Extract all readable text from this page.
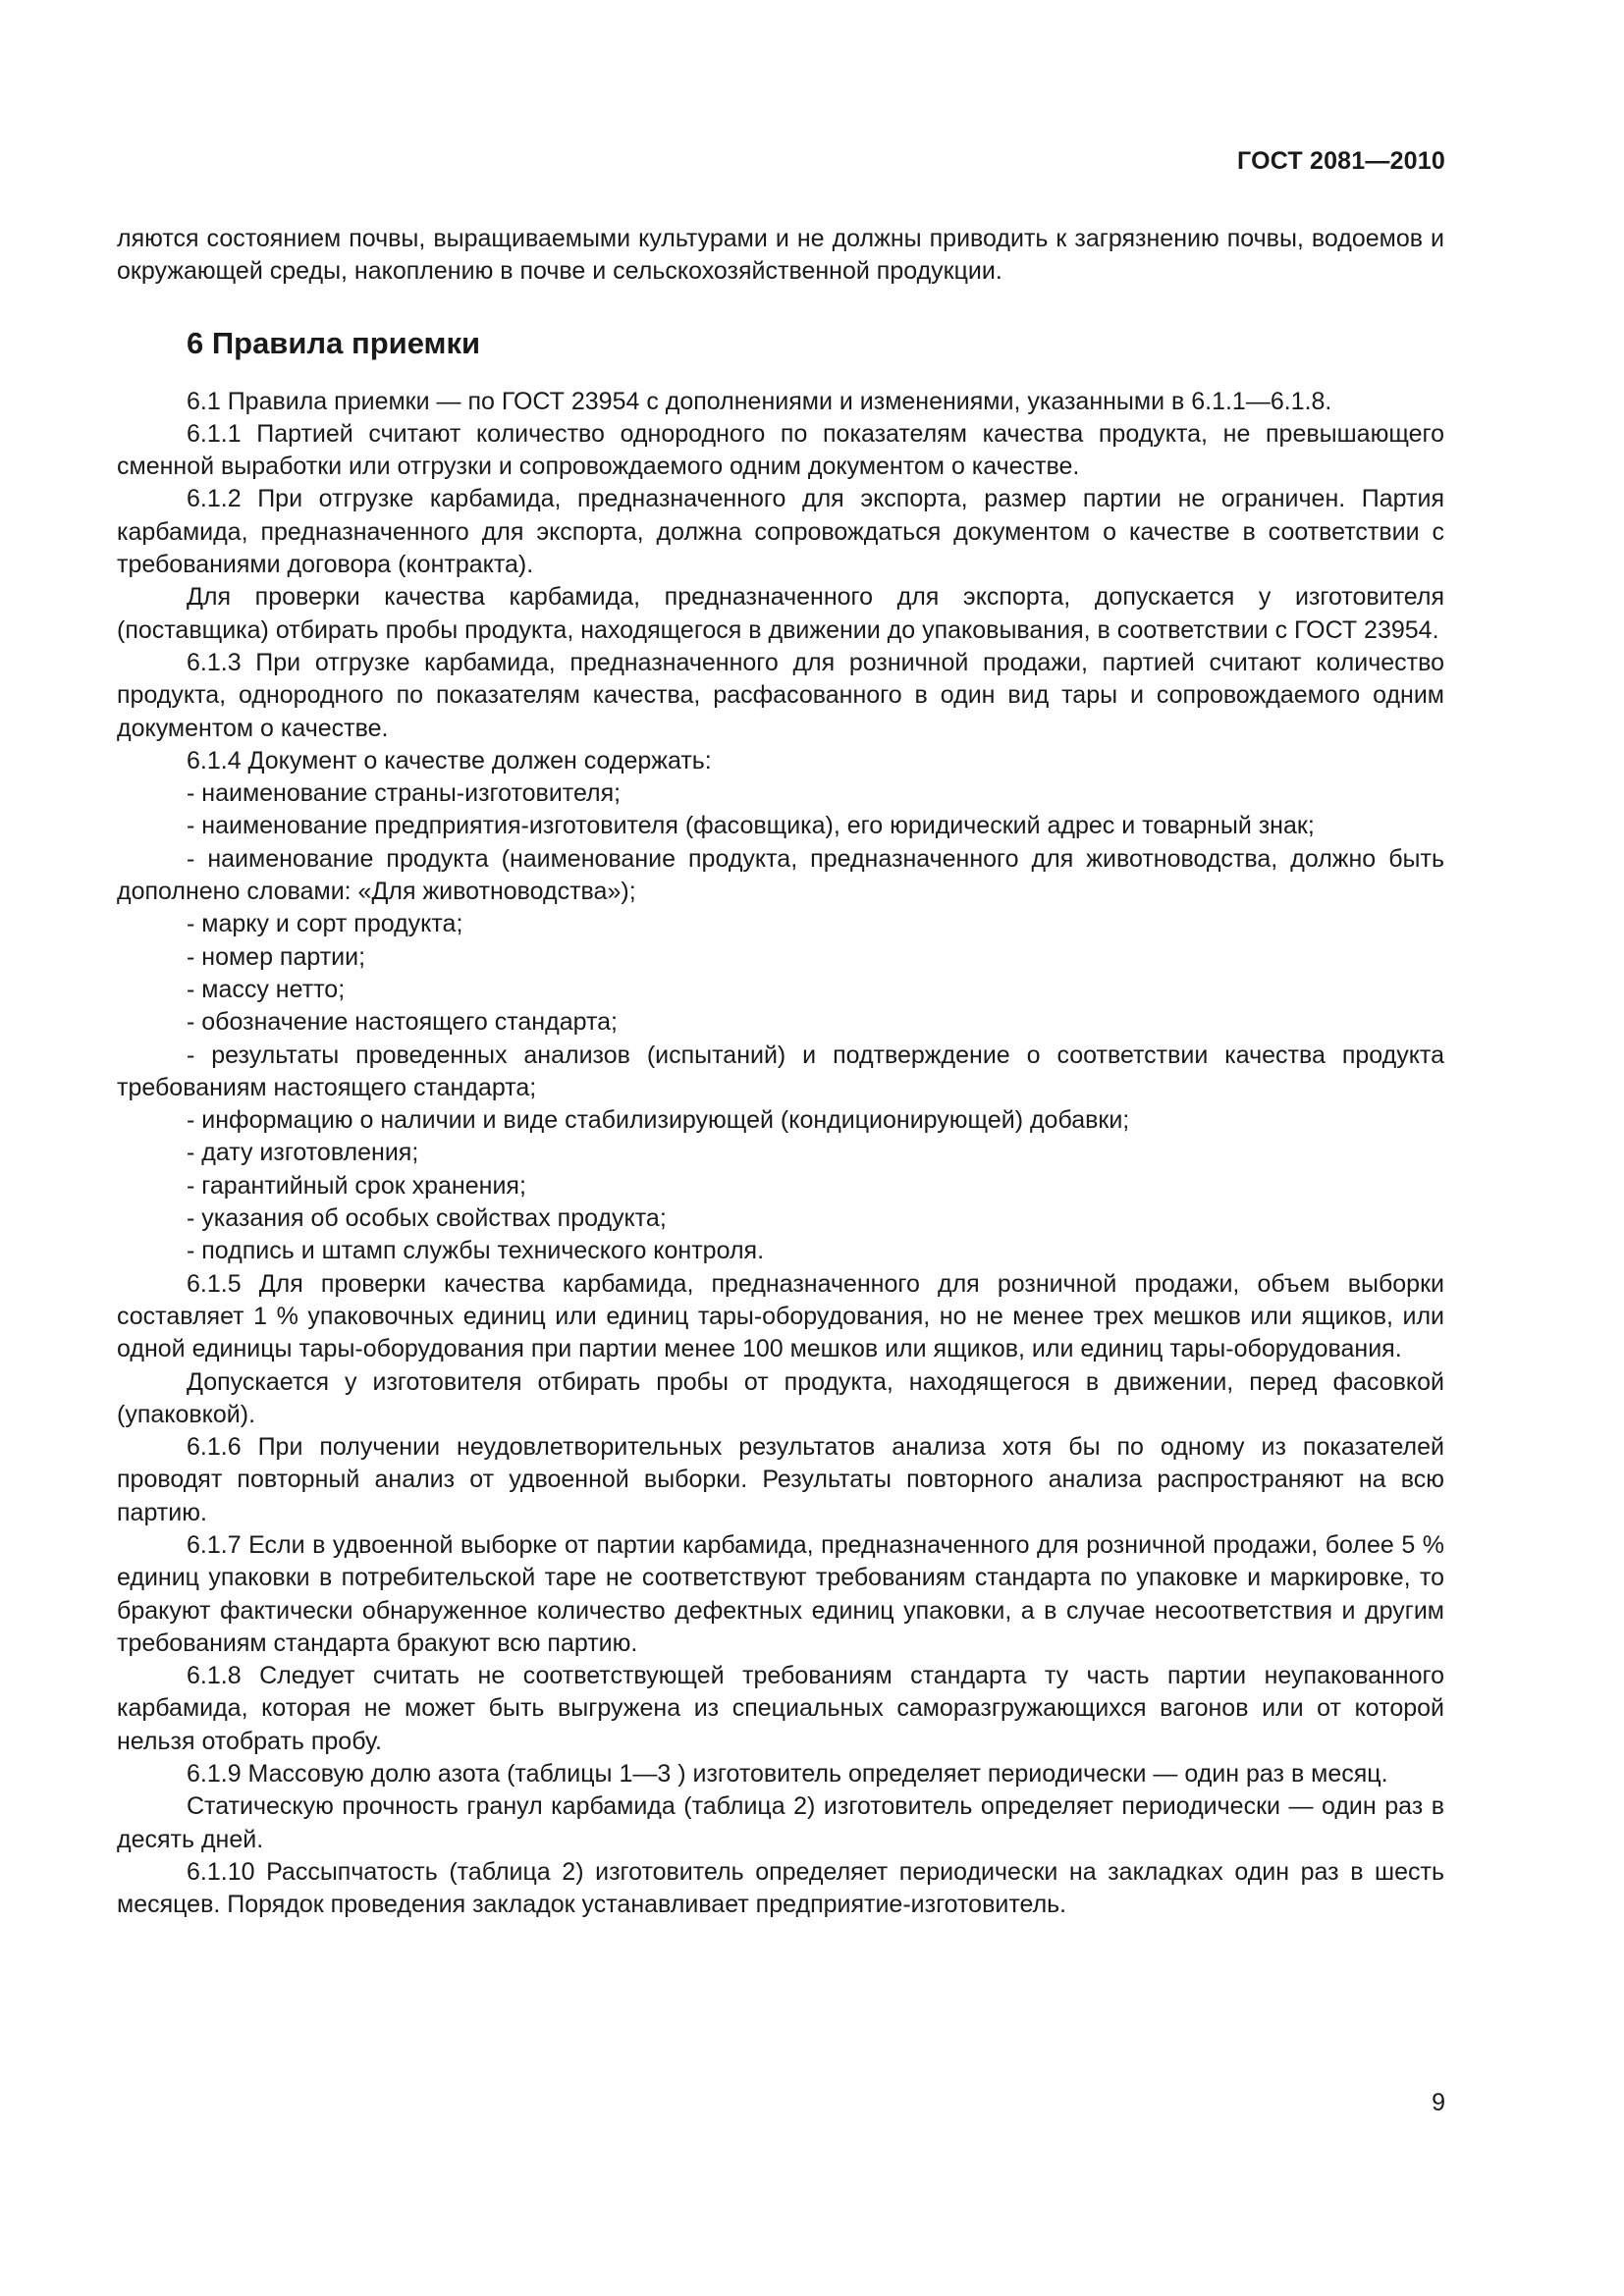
ГОСТ 2081—2010

ляются состоянием почвы, выращиваемыми культурами и не должны приводить к загрязнению почвы, водоемов и окружающей среды, накоплению в почве и сельскохозяйственной продукции.

6 Правила приемки

6.1 Правила приемки — по ГОСТ 23954 с дополнениями и изменениями, указанными в 6.1.1—6.1.8.

6.1.1 Партией считают количество однородного по показателям качества продукта, не превышающего сменной выработки или отгрузки и сопровождаемого одним документом о качестве.

6.1.2 При отгрузке карбамида, предназначенного для экспорта, размер партии не ограничен. Партия карбамида, предназначенного для экспорта, должна сопровождаться документом о качестве в соответствии с требованиями договора (контракта).

Для проверки качества карбамида, предназначенного для экспорта, допускается у изготовителя (поставщика) отбирать пробы продукта, находящегося в движении до упаковывания, в соответствии с ГОСТ 23954.

6.1.3 При отгрузке карбамида, предназначенного для розничной продажи, партией считают количество продукта, однородного по показателям качества, расфасованного в один вид тары и сопровождаемого одним документом о качестве.

6.1.4 Документ о качестве должен содержать:

- наименование страны-изготовителя;

- наименование предприятия-изготовителя (фасовщика), его юридический адрес и товарный знак;

- наименование продукта (наименование продукта, предназначенного для животноводства, должно быть дополнено словами: «Для животноводства»);

- марку и сорт продукта;

- номер партии;

- массу нетто;

- обозначение настоящего стандарта;

- результаты проведенных анализов (испытаний) и подтверждение о соответствии качества продукта требованиям настоящего стандарта;

- информацию о наличии и виде стабилизирующей (кондиционирующей) добавки;

- дату изготовления;

- гарантийный срок хранения;

- указания об особых свойствах продукта;

- подпись и штамп службы технического контроля.

6.1.5 Для проверки качества карбамида, предназначенного для розничной продажи, объем выборки составляет 1 % упаковочных единиц или единиц тары-оборудования, но не менее трех мешков или ящиков, или одной единицы тары-оборудования при партии менее 100 мешков или ящиков, или единиц тары-оборудования.

Допускается у изготовителя отбирать пробы от продукта, находящегося в движении, перед фасовкой (упаковкой).

6.1.6 При получении неудовлетворительных результатов анализа хотя бы по одному из показателей проводят повторный анализ от удвоенной выборки. Результаты повторного анализа распространяют на всю партию.

6.1.7 Если в удвоенной выборке от партии карбамида, предназначенного для розничной продажи, более 5 % единиц упаковки в потребительской таре не соответствуют требованиям стандарта по упаковке и маркировке, то бракуют фактически обнаруженное количество дефектных единиц упаковки, а в случае несоответствия и другим требованиям стандарта бракуют всю партию.

6.1.8 Следует считать не соответствующей требованиям стандарта ту часть партии неупакованного карбамида, которая не может быть выгружена из специальных саморазгружающихся вагонов или от которой нельзя отобрать пробу.

6.1.9 Массовую долю азота (таблицы 1—3 ) изготовитель определяет периодически — один раз в месяц.

Статическую прочность гранул карбамида (таблица 2) изготовитель определяет периодически — один раз в десять дней.

6.1.10 Рассыпчатость (таблица 2) изготовитель определяет периодически на закладках один раз в шесть месяцев. Порядок проведения закладок устанавливает предприятие-изготовитель.

9
